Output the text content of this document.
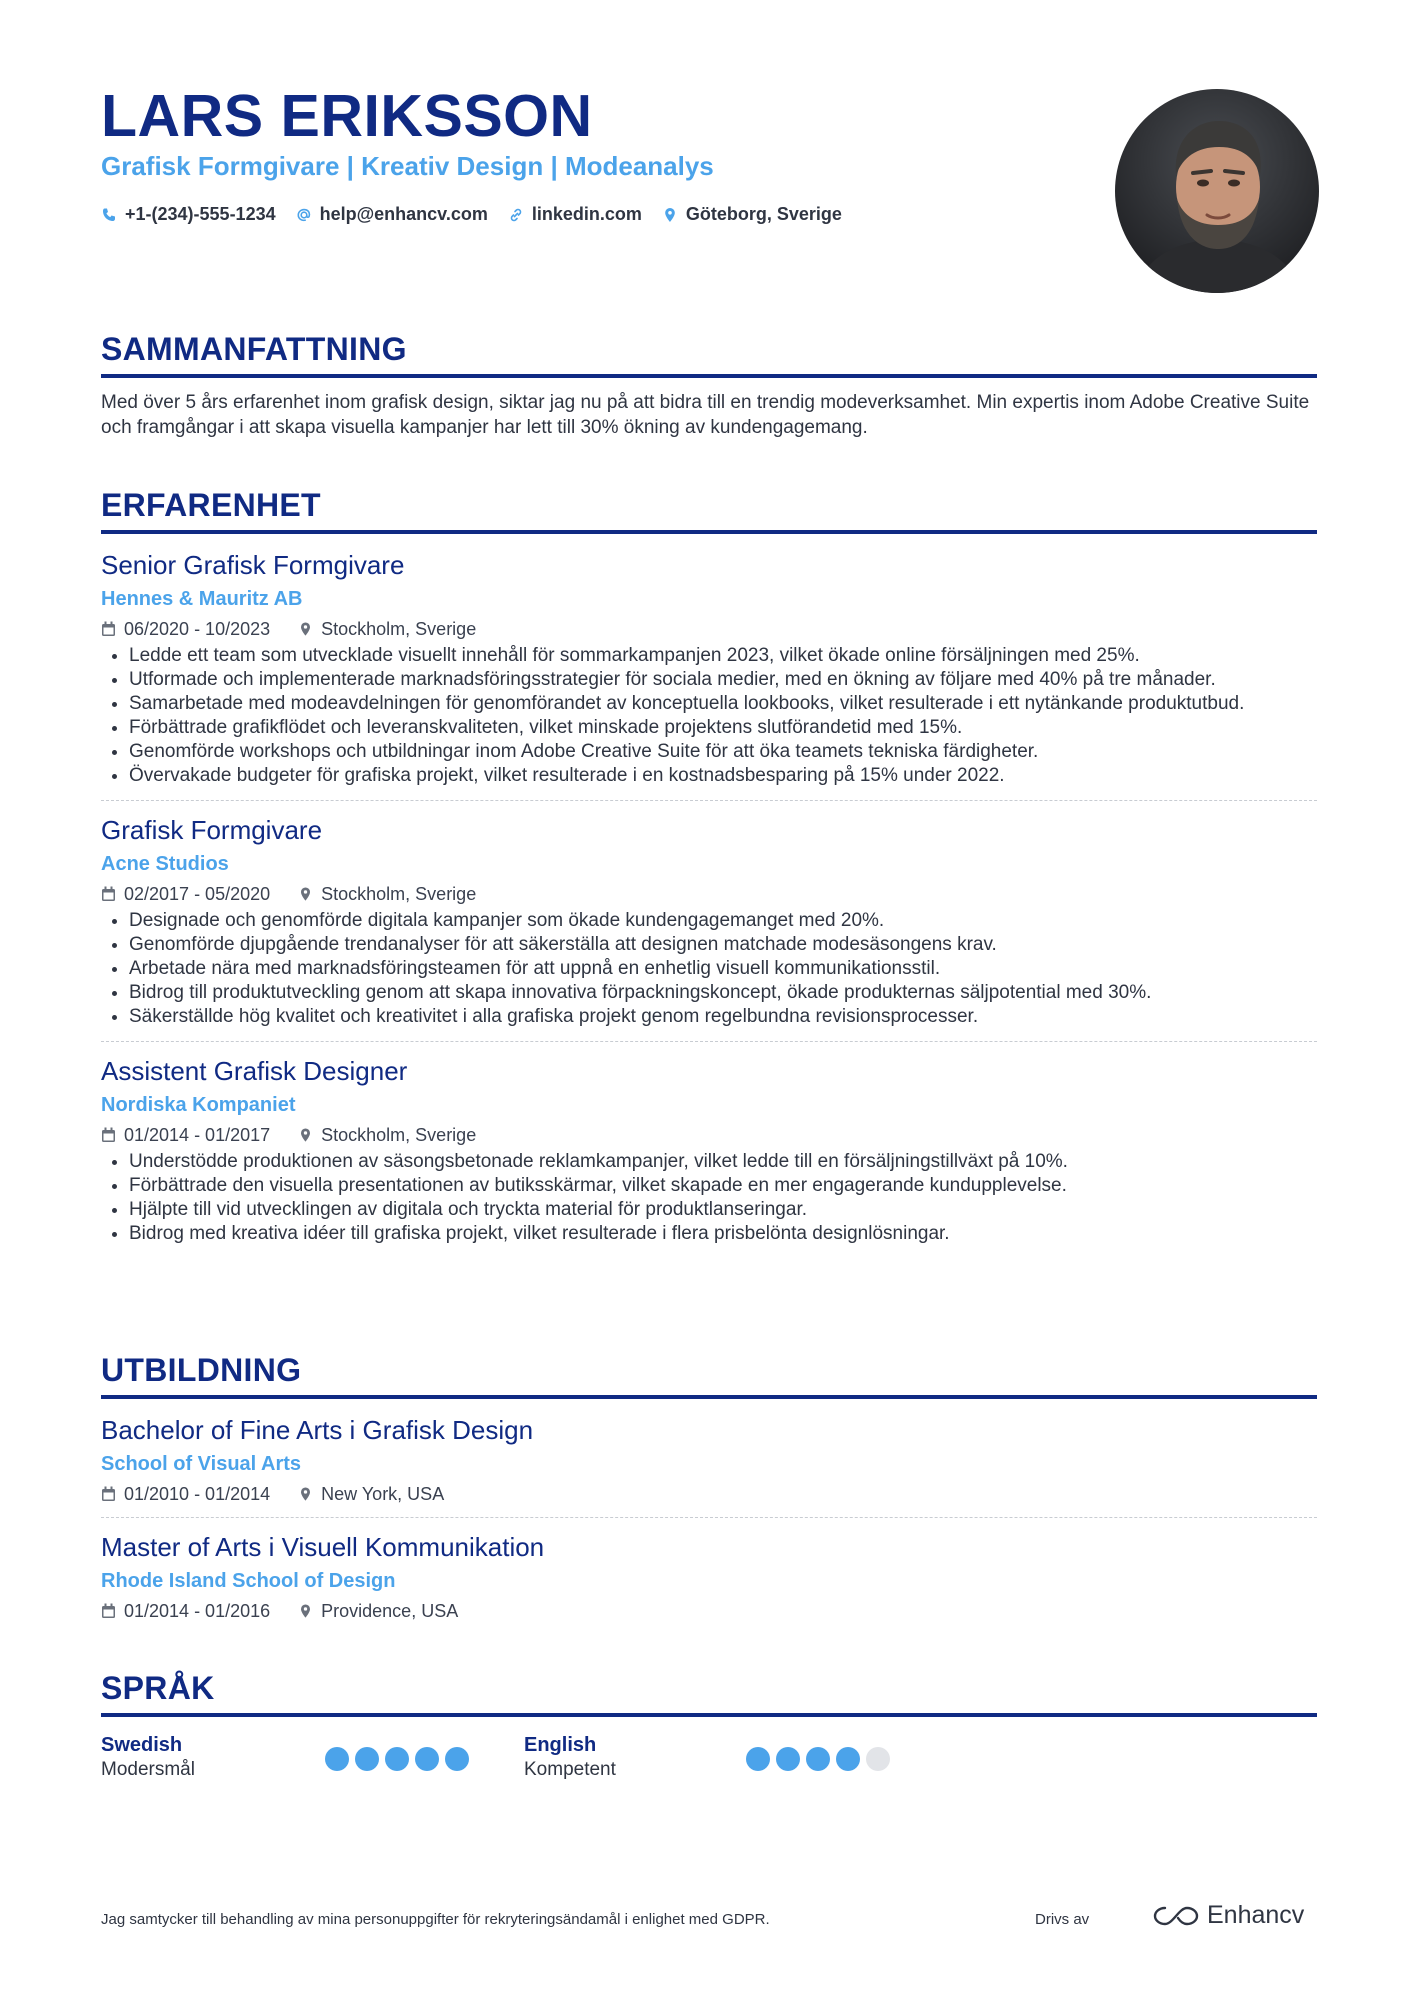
LARS ERIKSSON
Grafisk Formgivare | Kreativ Design | Modeanalys
+1-(234)-555-1234 help@enhancv.com linkedin.com Göteborg, Sverige
SAMMANFATTNING
Med över 5 års erfarenhet inom grafisk design, siktar jag nu på att bidra till en trendig modeverksamhet. Min expertis inom Adobe Creative Suite och framgångar i att skapa visuella kampanjer har lett till 30% ökning av kundengagemang.
ERFARENHET
Senior Grafisk Formgivare
Hennes & Mauritz AB
06/2020 - 10/2023	Stockholm, Sverige
• Ledde ett team som utvecklade visuellt innehåll för sommarkampanjen 2023, vilket ökade online försäljningen med 25%.
• Utformade och implementerade marknadsföringsstrategier för sociala medier, med en ökning av följare med 40% på tre månader.
• Samarbetade med modeavdelningen för genomförandet av konceptuella lookbooks, vilket resulterade i ett nytänkande produktutbud.
• Förbättrade grafikflödet och leveranskvaliteten, vilket minskade projektens slutförandetid med 15%.
• Genomförde workshops och utbildningar inom Adobe Creative Suite för att öka teamets tekniska färdigheter.
• Övervakade budgeter för grafiska projekt, vilket resulterade i en kostnadsbesparing på 15% under 2022.
Grafisk Formgivare
Acne Studios
02/2017 - 05/2020	Stockholm, Sverige
• Designade och genomförde digitala kampanjer som ökade kundengagemanget med 20%.
• Genomförde djupgående trendanalyser för att säkerställa att designen matchade modesäsongens krav.
• Arbetade nära med marknadsföringsteamen för att uppnå en enhetlig visuell kommunikationsstil.
• Bidrog till produktutveckling genom att skapa innovativa förpackningskoncept, ökade produkternas säljpotential med 30%.
• Säkerställde hög kvalitet och kreativitet i alla grafiska projekt genom regelbundna revisionsprocesser.
Assistent Grafisk Designer
Nordiska Kompaniet
01/2014 - 01/2017	Stockholm, Sverige
• Understödde produktionen av säsongsbetonade reklamkampanjer, vilket ledde till en försäljningstillväxt på 10%.
• Förbättrade den visuella presentationen av butiksskärmar, vilket skapade en mer engagerande kundupplevelse.
• Hjälpte till vid utvecklingen av digitala och tryckta material för produktlanseringar.
• Bidrog med kreativa idéer till grafiska projekt, vilket resulterade i flera prisbelönta designlösningar.
UTBILDNING
Bachelor of Fine Arts i Grafisk Design
School of Visual Arts
01/2010 - 01/2014	New York, USA
Master of Arts i Visuell Kommunikation
Rhode Island School of Design
01/2014 - 01/2016	Providence, USA
SPRÅK
Swedish
Modersmål
English
Kompetent
Jag samtycker till behandling av mina personuppgifter för rekryteringsändamål i enlighet med GDPR.	Drivs av	Enhancv
